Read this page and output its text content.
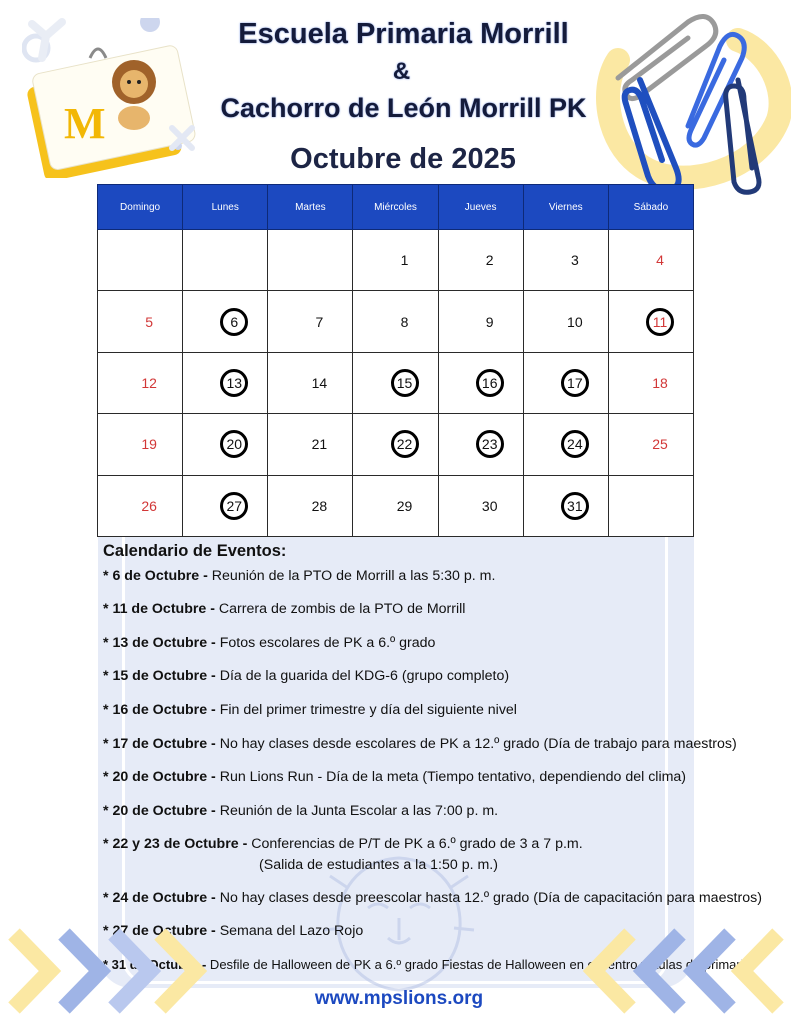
M
Escuela Primaria Morrill
&
Cachorro de León Morrill PK
Octubre de 2025
Domingo	Lunes	Martes	Miércoles	Jueves	Viernes	Sábado
			1	2	3	4
5	6	7	8	9	10	11
12	13	14	15	16	17	18
19	20	21	22	23	24	25
26	27	28	29	30	31	
Calendario de Eventos:
* 6 de Octubre - Reunión de la PTO de Morrill a las 5:30 p. m.
* 11 de Octubre - Carrera de zombis de la PTO de Morrill
* 13 de Octubre - Fotos escolares de PK a 6.º grado
* 15 de Octubre - Día de la guarida del KDG-6 (grupo completo)
* 16 de Octubre - Fin del primer trimestre y día del siguiente nivel
* 17 de Octubre - No hay clases desde escolares de PK a 12.º grado (Día de trabajo para maestros)
* 20 de Octubre - Run Lions Run - Día de la meta (Tiempo tentativo, dependiendo del clima)
* 20 de Octubre - Reunión de la Junta Escolar a las 7:00 p. m.
* 22 y 23 de Octubre - Conferencias de P/T de PK a 6.º grado de 3 a 7 p.m.
(Salida de estudiantes a la 1:50 p. m.)
* 24 de Octubre - No hay clases desde preescolar hasta 12.º grado (Día de capacitación para maestros)
* 27 de Octubre - Semana del Lazo Rojo
* 31 de Octubre - Desfile de Halloween de PK a 6.º grado Fiestas de Halloween en el centro y aulas de primaria
www.mpslions.org
